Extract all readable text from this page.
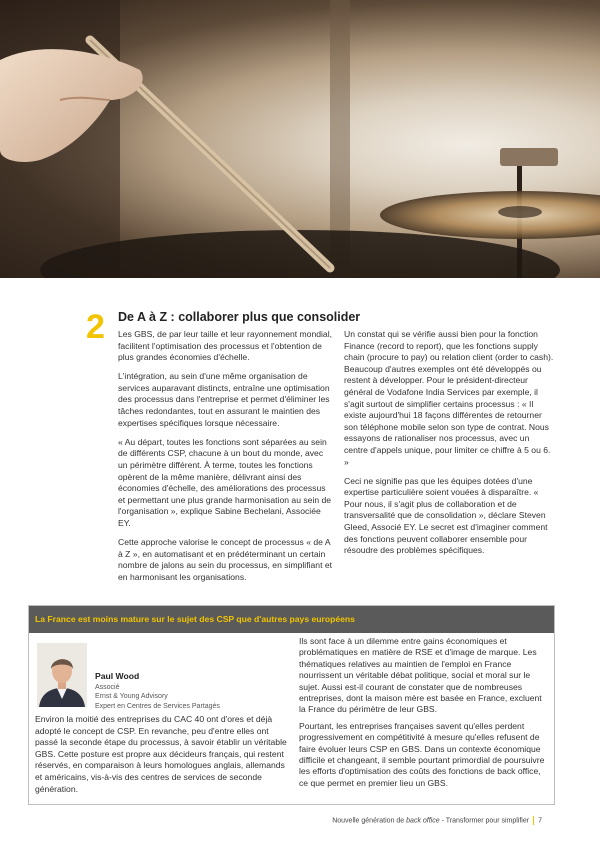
2 De A à Z : collaborer plus que consolider

Les GBS, de par leur taille et leur rayonnement mondial, facilitent l'optimisation des processus et l'obtention de plus grandes économies d'échelle.

L'intégration, au sein d'une même organisation de services auparavant distincts, entraîne une optimisation des processus dans l'entreprise et permet d'éliminer les tâches redondantes, tout en assurant le maintien des expertises spécifiques lorsque nécessaire.

« Au départ, toutes les fonctions sont séparées au sein de différents CSP, chacune à un bout du monde, avec un périmètre différent. À terme, toutes les fonctions opèrent de la même manière, délivrant ainsi des économies d'échelle, des améliorations des processus et permettant une plus grande harmonisation au sein de l'organisation », explique Sabine Bechelani, Associée EY.

Cette approche valorise le concept de processus « de A à Z », en automatisant et en prédéterminant un certain nombre de jalons au sein du processus, en simplifiant et en harmonisant les organisations.

Un constat qui se vérifie aussi bien pour la fonction Finance (record to report), que les fonctions supply chain (procure to pay) ou relation client (order to cash). Beaucoup d'autres exemples ont été développés ou restent à développer. Pour le président-directeur général de Vodafone India Services par exemple, il s'agit surtout de simplifier certains processus : « Il existe aujourd'hui 18 façons différentes de retourner son téléphone mobile selon son type de contrat. Nous essayons de rationaliser nos processus, avec un centre d'appels unique, pour limiter ce chiffre à 5 ou 6. »

Ceci ne signifie pas que les équipes dotées d'une expertise particulière soient vouées à disparaître. « Pour nous, il s'agit plus de collaboration et de transversalité que de consolidation », déclare Steven Gleed, Associé EY. Le secret est d'imaginer comment des fonctions peuvent collaborer ensemble pour résoudre des problèmes spécifiques.

La France est moins mature sur le sujet des CSP que d'autres pays européens
Paul Wood
Associé
Ernst & Young Advisory
Expert en Centres de Services Partagés
Environ la moitié des entreprises du CAC 40 ont d'ores et déjà adopté le concept de CSP. En revanche, peu d'entre elles ont passé la seconde étape du processus, à savoir établir un véritable GBS. Cette posture est propre aux décideurs français, qui restent réservés, en comparaison à leurs homologues anglais, allemands et américains, vis-à-vis des centres de services de seconde génération.

Ils sont face à un dilemme entre gains économiques et problématiques en matière de RSE et d'image de marque. Les thématiques relatives au maintien de l'emploi en France nourrissent un véritable débat politique, social et moral sur le sujet. Aussi est-il courant de constater que de nombreuses entreprises, dont la maison mère est basée en France, excluent la France du périmètre de leur GBS.

Pourtant, les entreprises françaises savent qu'elles perdent progressivement en compétitivité à mesure qu'elles refusent de faire évoluer leurs CSP en GBS. Dans un contexte économique difficile et changeant, il semble pourtant primordial de poursuivre les efforts d'optimisation des coûts des fonctions de back office, ce que permet en premier lieu un GBS.

Nouvelle génération de back office - Transformer pour simplifier 7
